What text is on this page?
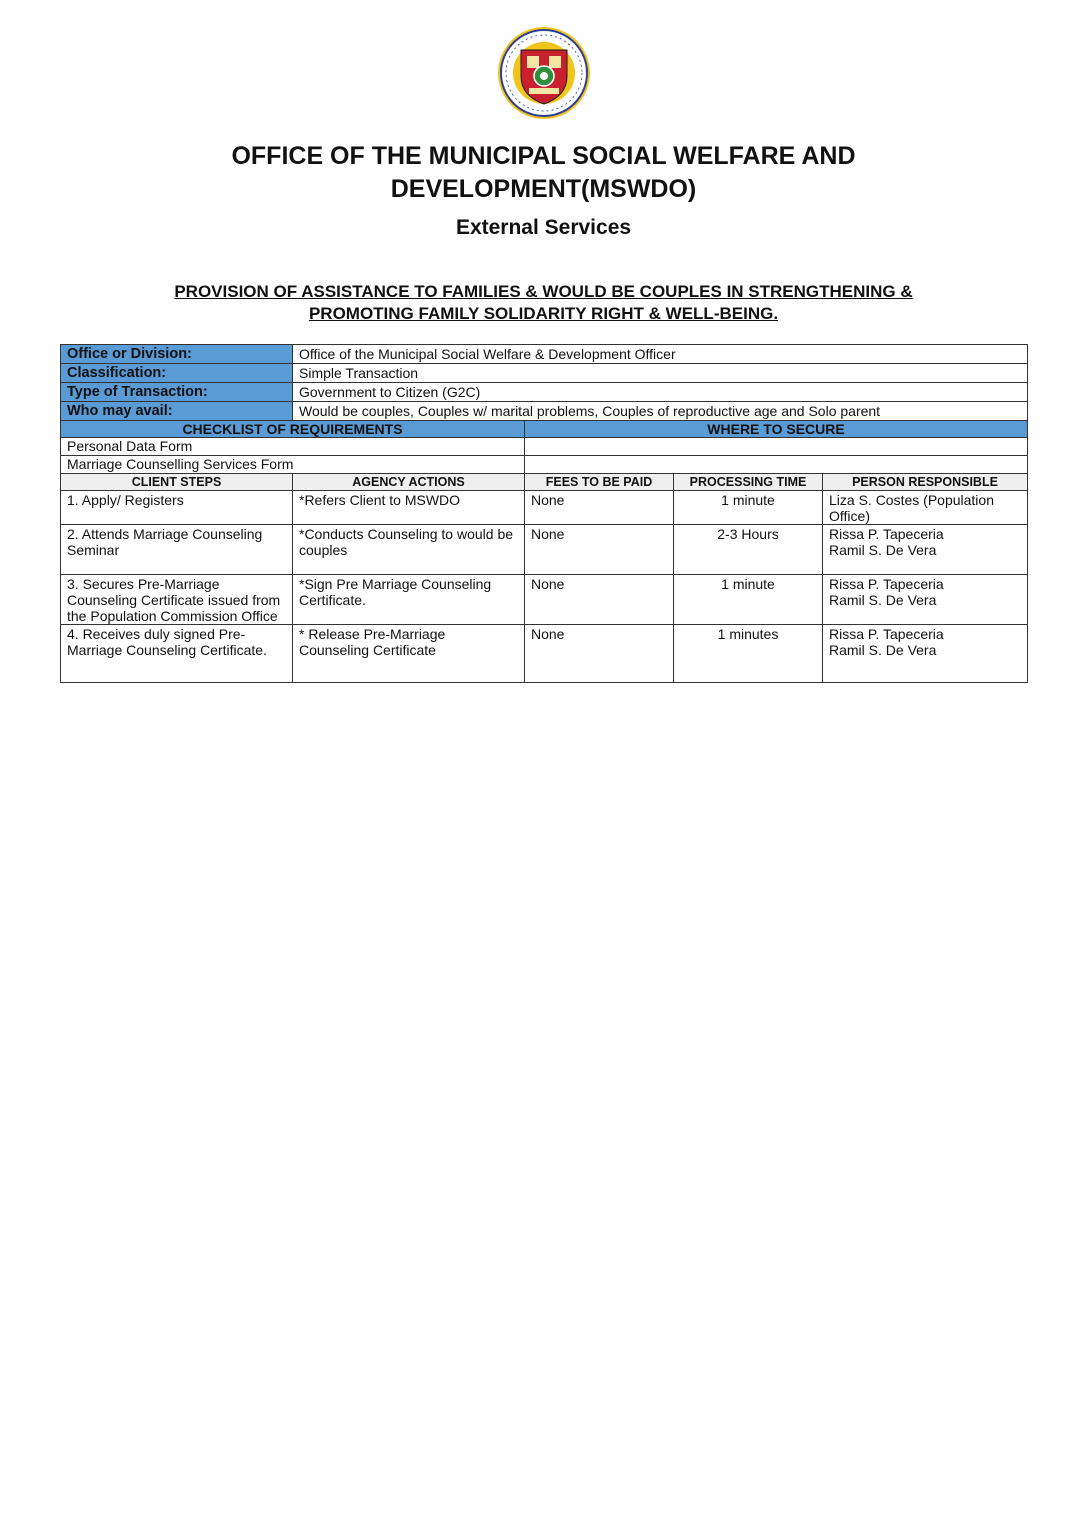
OFFICE OF THE MUNICIPAL SOCIAL WELFARE AND
DEVELOPMENT(MSWDO)
External Services
PROVISION OF ASSISTANCE TO FAMILIES & WOULD BE COUPLES IN STRENGTHENING &
PROMOTING FAMILY SOLIDARITY RIGHT & WELL-BEING.
Office or Division:	Office of the Municipal Social Welfare & Development Officer			
Classification:	Simple Transaction			
Type of Transaction:	Government to Citizen (G2C)			
Who may avail:	Would be couples, Couples w/ marital problems, Couples of reproductive age and Solo parent			
CHECKLIST OF REQUIREMENTS		WHERE TO SECURE		
Personal Data Form				
Marriage Counselling Services Form				
CLIENT STEPS	AGENCY ACTIONS	FEES TO BE PAID	PROCESSING TIME	PERSON RESPONSIBLE
1. Apply/ Registers	*Refers Client to MSWDO	None	1 minute	Liza S. Costes (Population Office)
2. Attends Marriage Counseling Seminar	*Conducts Counseling to would be couples	None	2-3 Hours	Rissa P. Tapeceria
Ramil S. De Vera

3. Secures Pre-Marriage Counseling Certificate issued from the Population Commission Office	*Sign Pre Marriage Counseling Certificate.	None	1 minute	Rissa P. Tapeceria
Ramil S. De Vera

4. Receives duly signed Pre-Marriage Counseling Certificate.	* Release Pre-Marriage Counseling Certificate	None	1 minutes	Rissa P. Tapeceria
Ramil S. De Vera
